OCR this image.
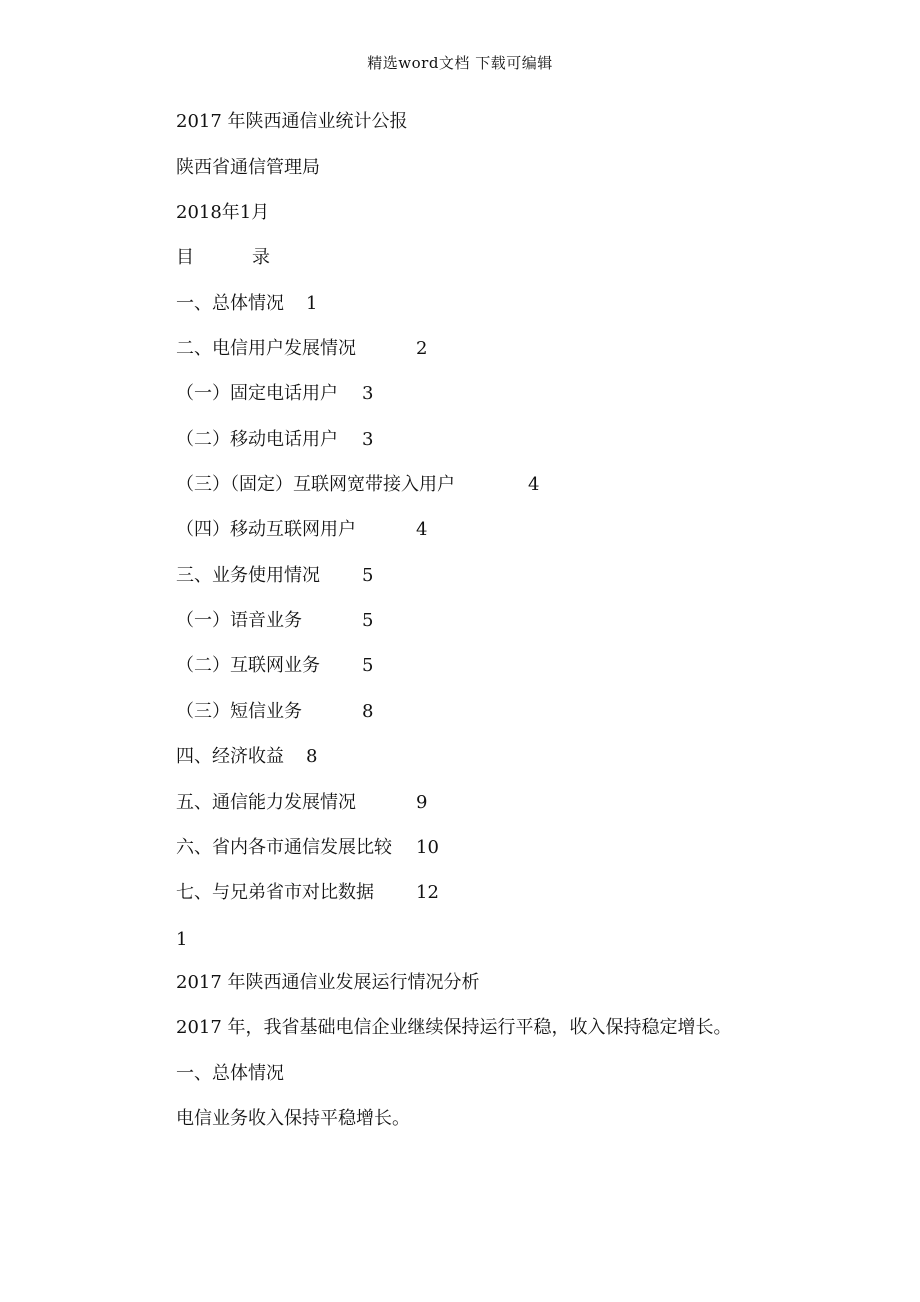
精选word文档 下载可编辑
2017 年陕西通信业统计公报
陕西省通信管理局
2018年1月
目	录
一、总体情况 1
二、电信用户发展情况	2
（一）固定电话用户 3
（二）移动电话用户 3
（三）（固定）互联网宽带接入用户	4
（四）移动互联网用户	4
三、业务使用情况 5
（一）语音业务	5
（二）互联网业务 5
（三）短信业务	8
四、经济收益 8
五、通信能力发展情况	9
六、省内各市通信发展比较 10
七、与兄弟省市对比数据 12
1
2017 年陕西通信业发展运行情况分析
2017 年，我省基础电信企业继续保持运行平稳，收入保持稳定增长。
一、总体情况
电信业务收入保持平稳增长。
